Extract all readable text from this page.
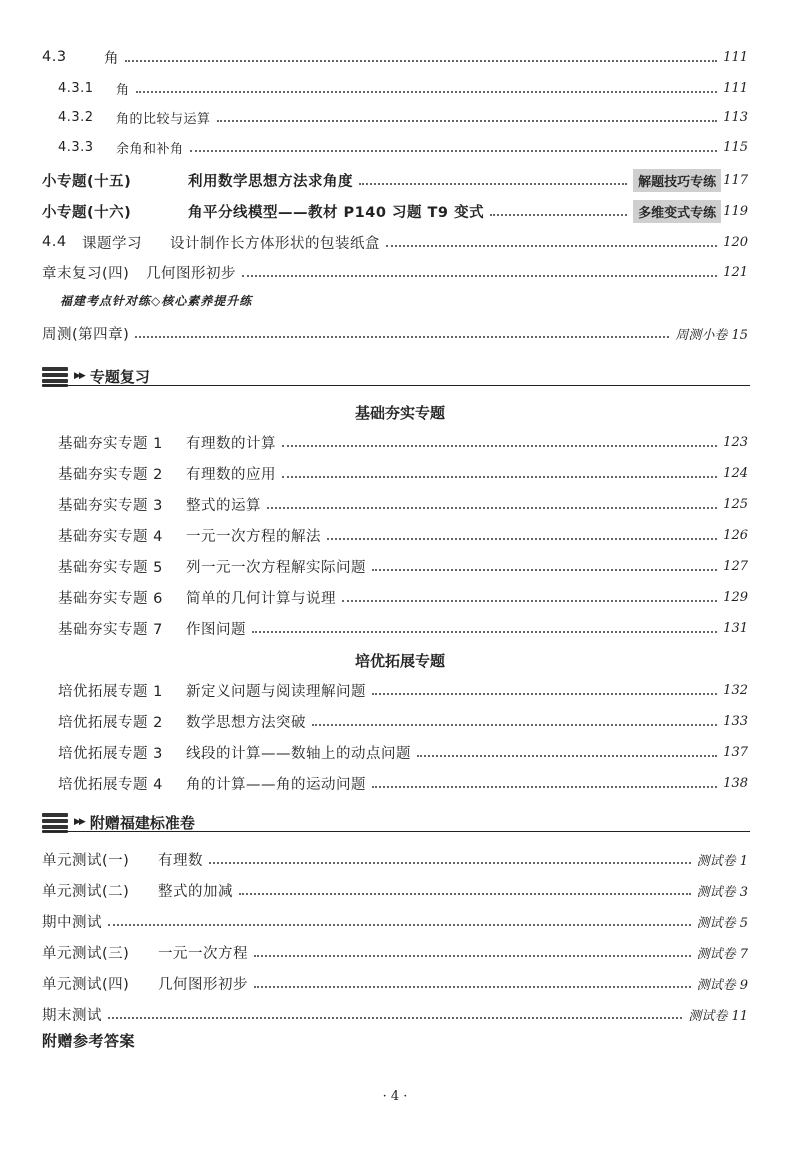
4.3	角	111
4.3.1	角	111
4.3.2	角的比较与运算	113
4.3.3	余角和补角	115
小专题(十五)	利用数学思想方法求角度	解题技巧专练 117
小专题(十六)	角平分线模型——教材 P140 习题 T9 变式	多维变式专练 119
4.4	课题学习	设计制作长方体形状的包装纸盒	120
章末复习(四)	几何图形初步	121
福建考点针对练◇核心素养提升练
周测(第四章)	周测小卷 15
▶▶ 专题复习
基础夯实专题
基础夯实专题 1	有理数的计算	123
基础夯实专题 2	有理数的应用	124
基础夯实专题 3	整式的运算	125
基础夯实专题 4	一元一次方程的解法	126
基础夯实专题 5	列一元一次方程解实际问题	127
基础夯实专题 6	简单的几何计算与说理	129
基础夯实专题 7	作图问题	131
培优拓展专题
培优拓展专题 1	新定义问题与阅读理解问题	132
培优拓展专题 2	数学思想方法突破	133
培优拓展专题 3	线段的计算——数轴上的动点问题	137
培优拓展专题 4	角的计算——角的运动问题	138
▶▶ 附赠福建标准卷
单元测试(一)	有理数	测试卷 1
单元测试(二)	整式的加减	测试卷 3
期中测试	测试卷 5
单元测试(三)	一元一次方程	测试卷 7
单元测试(四)	几何图形初步	测试卷 9
期末测试	测试卷 11
附赠参考答案
· 4 ·
